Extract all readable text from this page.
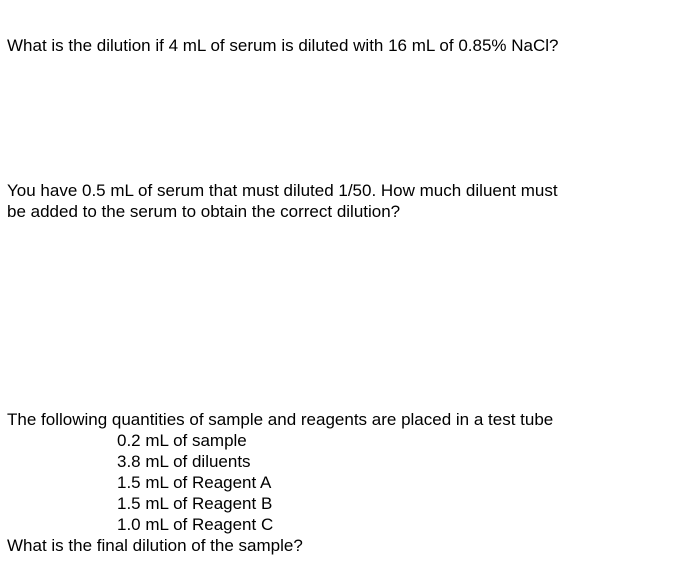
What is the dilution if 4 mL of serum is diluted with 16 mL of 0.85% NaCl?

You have 0.5 mL of serum that must diluted 1/50. How much diluent must
be added to the serum to obtain the correct dilution?

The following quantities of sample and reagents are placed in a test tube

0.2 mL of sample
3.8 mL of diluents
1.5 mL of Reagent A
1.5 mL of Reagent B
1.0 mL of Reagent C

What is the final dilution of the sample?
